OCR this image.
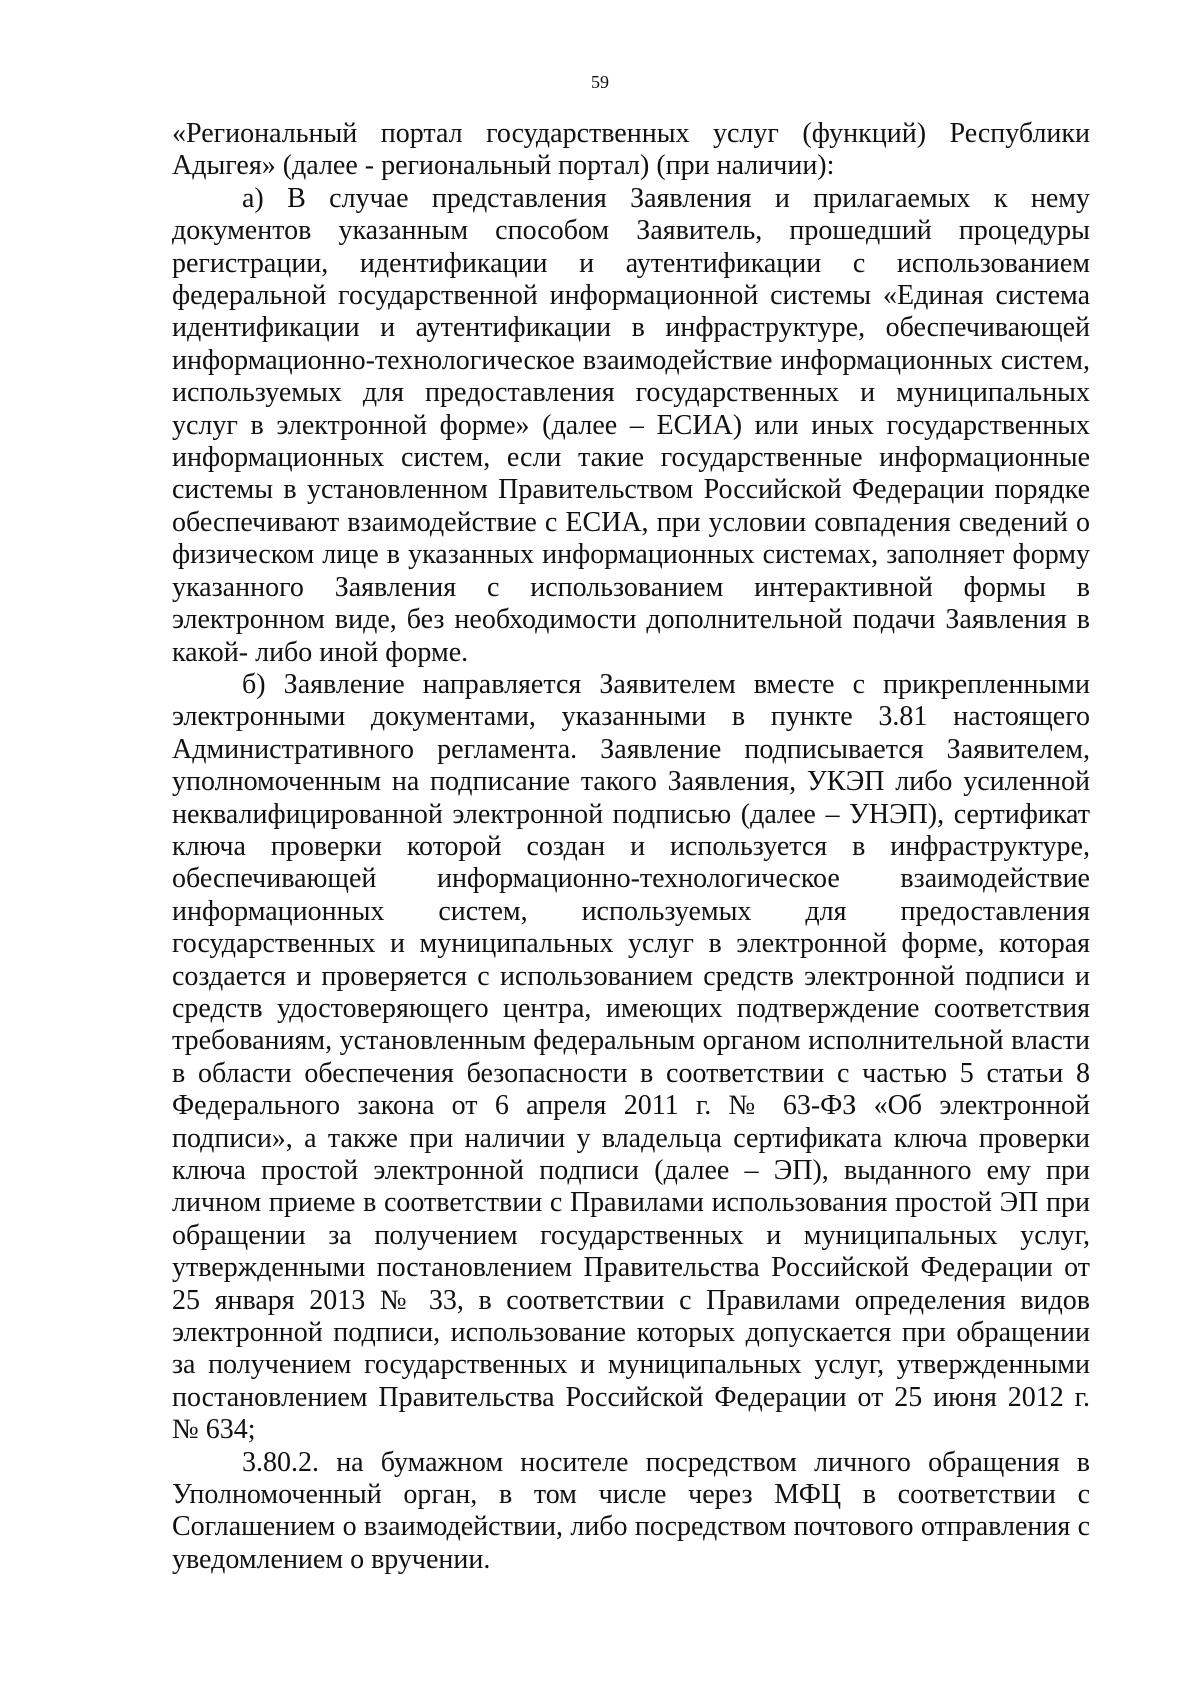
59

«Региональный портал государственных услуг (функций) Республики Адыгея» (далее - региональный портал) (при наличии):

а) В случае представления Заявления и прилагаемых к нему документов указанным способом Заявитель, прошедший процедуры регистрации, идентификации и аутентификации с использованием федеральной государственной информационной системы «Единая система идентификации и аутентификации в инфраструктуре, обеспечивающей информационно-технологическое взаимодействие информационных систем, используемых для предоставления государственных и муниципальных услуг в электронной форме» (далее – ЕСИА) или иных государственных информационных систем, если такие государственные информационные системы в установленном Правительством Российской Федерации порядке обеспечивают взаимодействие с ЕСИА, при условии совпадения сведений о физическом лице в указанных информационных системах, заполняет форму указанного Заявления с использованием интерактивной формы в электронном виде, без необходимости дополнительной подачи Заявления в какой- либо иной форме.

б) Заявление направляется Заявителем вместе с прикрепленными электронными документами, указанными в пункте 3.81 настоящего Административного регламента. Заявление подписывается Заявителем, уполномоченным на подписание такого Заявления, УКЭП либо усиленной неквалифицированной электронной подписью (далее – УНЭП), сертификат ключа проверки которой создан и используется в инфраструктуре, обеспечивающей информационно-технологическое взаимодействие информационных систем, используемых для предоставления государственных и муниципальных услуг в электронной форме, которая создается и проверяется с использованием средств электронной подписи и средств удостоверяющего центра, имеющих подтверждение соответствия требованиям, установленным федеральным органом исполнительной власти в области обеспечения безопасности в соответствии с частью 5 статьи 8 Федерального закона от 6 апреля 2011 г. № 63-ФЗ «Об электронной подписи», а также при наличии у владельца сертификата ключа проверки ключа простой электронной подписи (далее – ЭП), выданного ему при личном приеме в соответствии с Правилами использования простой ЭП при обращении за получением государственных и муниципальных услуг, утвержденными постановлением Правительства Российской Федерации от 25 января 2013 № 33, в соответствии с Правилами определения видов электронной подписи, использование которых допускается при обращении за получением государственных и муниципальных услуг, утвержденными постановлением Правительства Российской Федерации от 25 июня 2012 г. № 634;

3.80.2. на бумажном носителе посредством личного обращения в Уполномоченный орган, в том числе через МФЦ в соответствии с Соглашением о взаимодействии, либо посредством почтового отправления с уведомлением о вручении.
